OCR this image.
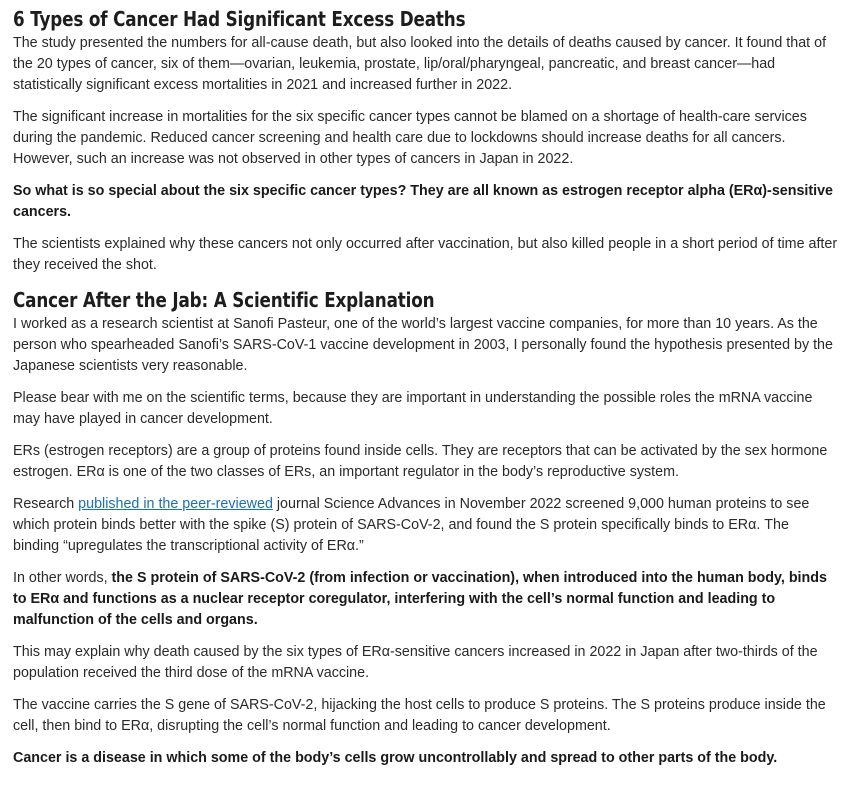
6 Types of Cancer Had Significant Excess Deaths

The study presented the numbers for all-cause death, but also looked into the details of deaths caused by cancer. It found that of the 20 types of cancer, six of them—ovarian, leukemia, prostate, lip/oral/pharyngeal, pancreatic, and breast cancer—had statistically significant excess mortalities in 2021 and increased further in 2022.

The significant increase in mortalities for the six specific cancer types cannot be blamed on a shortage of health-care services during the pandemic. Reduced cancer screening and health care due to lockdowns should increase deaths for all cancers. However, such an increase was not observed in other types of cancers in Japan in 2022.

So what is so special about the six specific cancer types? They are all known as estrogen receptor alpha (ERα)-sensitive cancers.

The scientists explained why these cancers not only occurred after vaccination, but also killed people in a short period of time after they received the shot.

Cancer After the Jab: A Scientific Explanation

I worked as a research scientist at Sanofi Pasteur, one of the world’s largest vaccine companies, for more than 10 years. As the person who spearheaded Sanofi’s SARS-CoV-1 vaccine development in 2003, I personally found the hypothesis presented by the Japanese scientists very reasonable.

Please bear with me on the scientific terms, because they are important in understanding the possible roles the mRNA vaccine may have played in cancer development.

ERs (estrogen receptors) are a group of proteins found inside cells. They are receptors that can be activated by the sex hormone estrogen. ERα is one of the two classes of ERs, an important regulator in the body’s reproductive system.

Research published in the peer-reviewed journal Science Advances in November 2022 screened 9,000 human proteins to see which protein binds better with the spike (S) protein of SARS-CoV-2, and found the S protein specifically binds to ERα. The binding “upregulates the transcriptional activity of ERα.”

In other words, the S protein of SARS-CoV-2 (from infection or vaccination), when introduced into the human body, binds to ERα and functions as a nuclear receptor coregulator, interfering with the cell’s normal function and leading to malfunction of the cells and organs.

This may explain why death caused by the six types of ERα-sensitive cancers increased in 2022 in Japan after two-thirds of the population received the third dose of the mRNA vaccine.

The vaccine carries the S gene of SARS-CoV-2, hijacking the host cells to produce S proteins. The S proteins produce inside the cell, then bind to ERα, disrupting the cell’s normal function and leading to cancer development.

Cancer is a disease in which some of the body’s cells grow uncontrollably and spread to other parts of the body.
